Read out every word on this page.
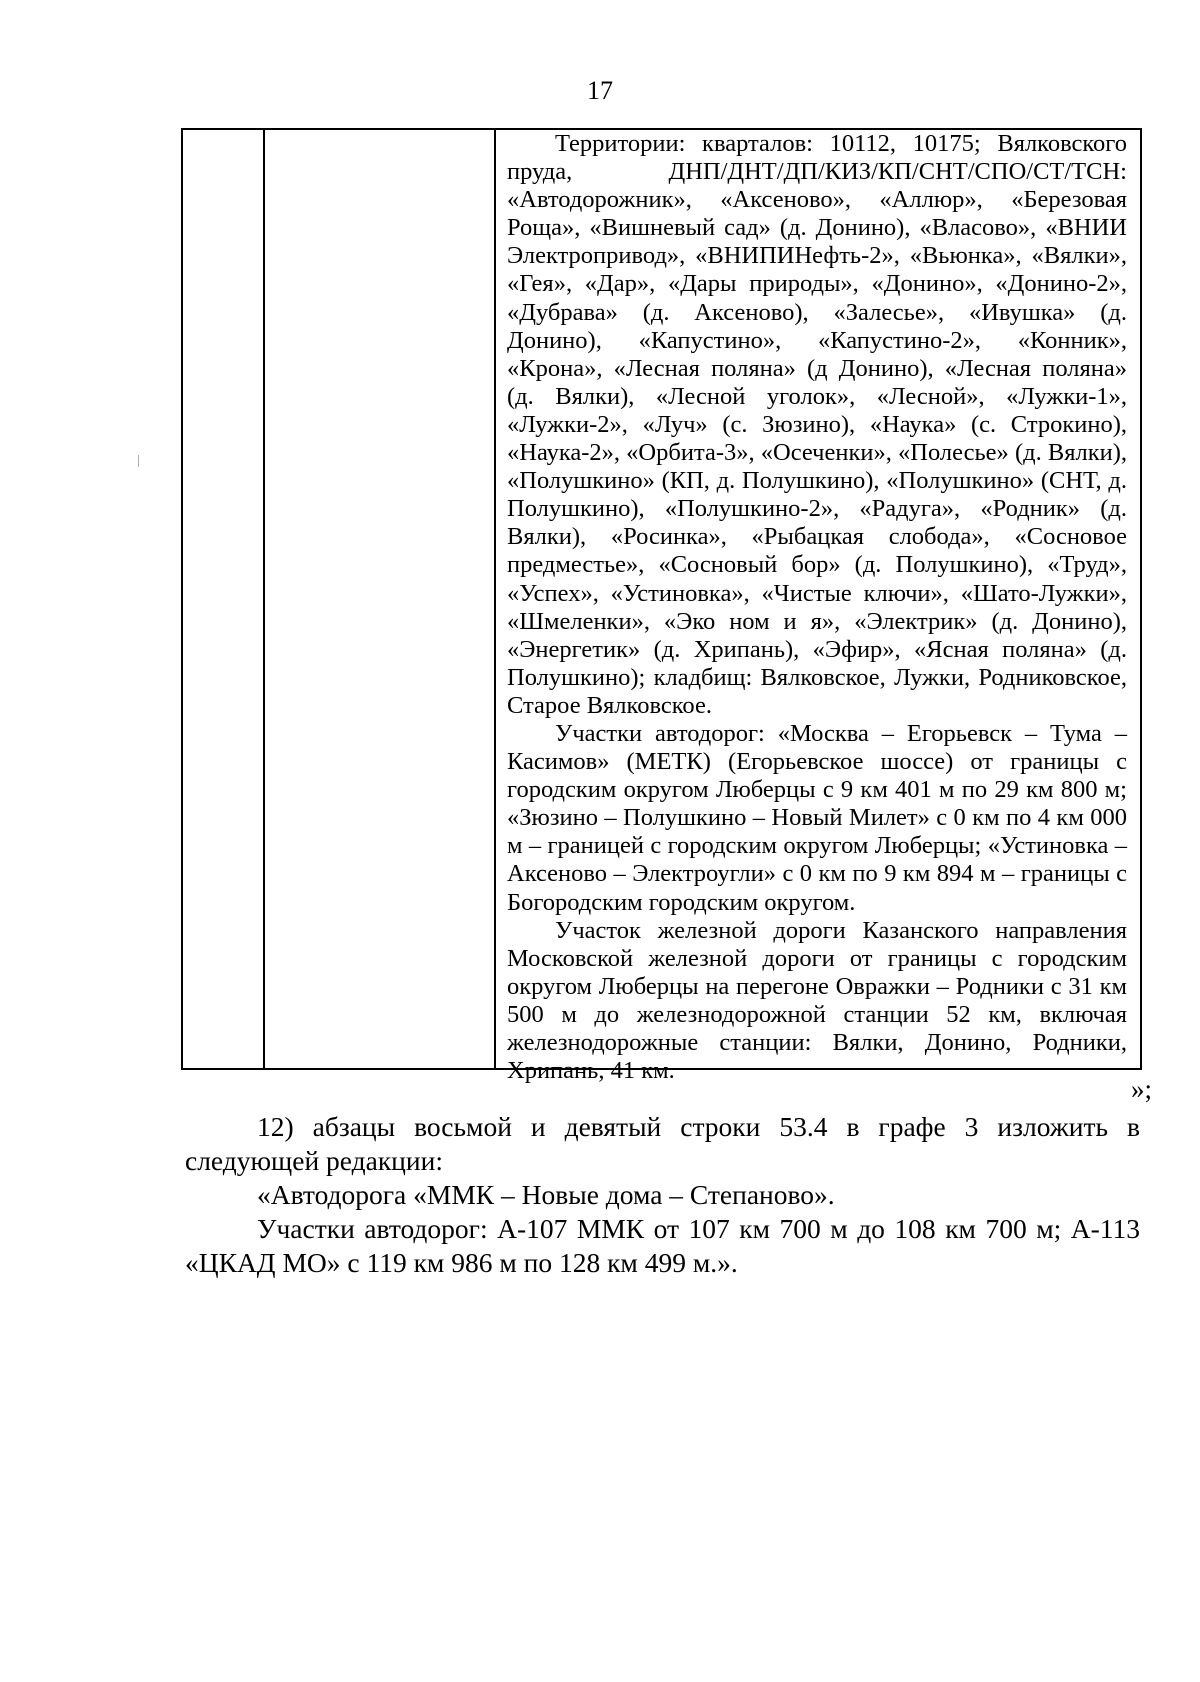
17

Территории: кварталов: 10112, 10175; Вялковского пруда, ДНП/ДНТ/ДП/КИЗ/КП/СНТ/СПО/СТ/ТСН: «Автодорожник», «Аксеново», «Аллюр», «Березовая Роща», «Вишневый сад» (д. Донино), «Власово», «ВНИИ Электропривод», «ВНИПИНефть-2», «Вьюнка», «Вялки», «Гея», «Дар», «Дары природы», «Донино», «Донино-2», «Дубрава» (д. Аксеново), «Залесье», «Ивушка» (д. Донино), «Капустино», «Капустино-2», «Конник», «Крона», «Лесная поляна» (д Донино), «Лесная поляна» (д. Вялки), «Лесной уголок», «Лесной», «Лужки-1», «Лужки-2», «Луч» (с. Зюзино), «Наука» (с. Строкино), «Наука-2», «Орбита-3», «Осеченки», «Полесье» (д. Вялки), «Полушкино» (КП, д. Полушкино), «Полушкино» (СНТ, д. Полушкино), «Полушкино-2», «Радуга», «Родник» (д. Вялки), «Росинка», «Рыбацкая слобода», «Сосновое предместье», «Сосновый бор» (д. Полушкино), «Труд», «Успех», «Устиновка», «Чистые ключи», «Шато-Лужки», «Шмеленки», «Эко ном и я», «Электрик» (д. Донино), «Энергетик» (д. Хрипань), «Эфир», «Ясная поляна» (д. Полушкино); кладбищ: Вялковское, Лужки, Родниковское, Старое Вялковское.

Участки автодорог: «Москва – Егорьевск – Тума – Касимов» (МЕТК) (Егорьевское шоссе) от границы с городским округом Люберцы с 9 км 401 м по 29 км 800 м; «Зюзино – Полушкино – Новый Милет» с 0 км по 4 км 000 м – границей с городским округом Люберцы; «Устиновка – Аксеново – Электроугли» с 0 км по 9 км 894 м – границы с Богородским городским округом.

Участок железной дороги Казанского направления Московской железной дороги от границы с городским округом Люберцы на перегоне Овражки – Родники с 31 км 500 м до железнодорожной станции 52 км, включая железнодорожные станции: Вялки, Донино, Родники, Хрипань, 41 км.

»;

12) абзацы восьмой и девятый строки 53.4 в графе 3 изложить в следующей редакции:

«Автодорога «ММК – Новые дома – Степаново».

Участки автодорог: А-107 ММК от 107 км 700 м до 108 км 700 м; А-113 «ЦКАД МО» с 119 км 986 м по 128 км 499 м.».
